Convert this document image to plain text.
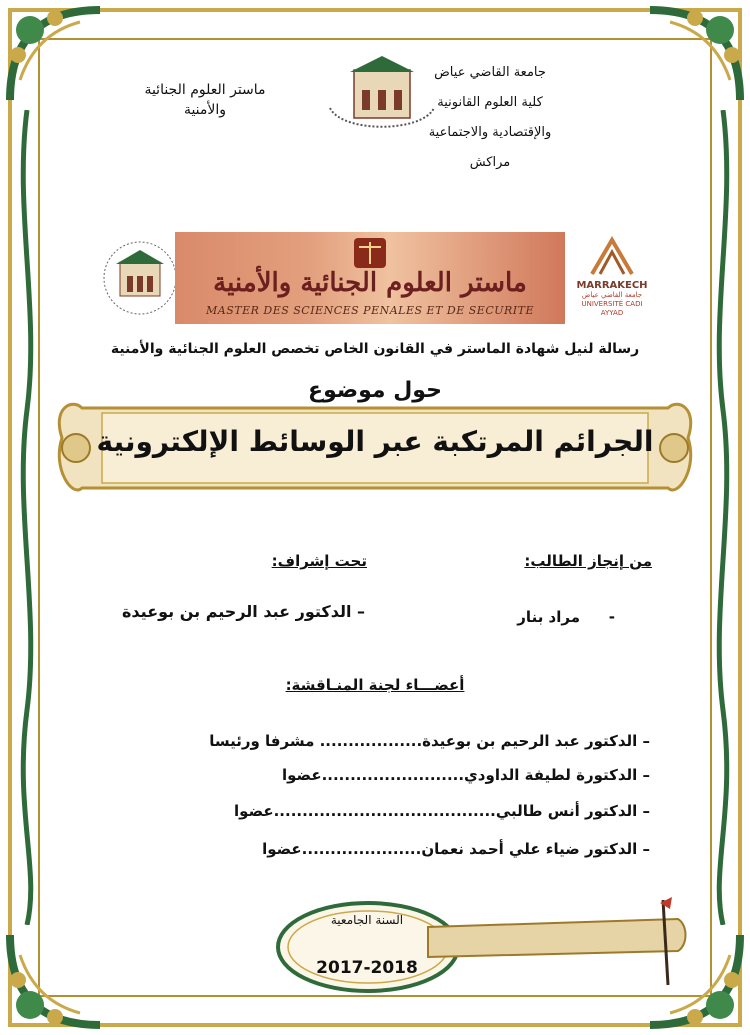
جامعة القاضي عياض
كلية العلوم القانونية
والإقتصادية والاجتماعية
مراكش
ماستر العلوم الجنائية
والأمنية
ماستر العلوم الجنائية والأمنية
MASTER DES SCIENCES PENALES ET DE SECURITE
MARRAKECH
جامعة القاضي عياض
UNIVERSITÉ CADI AYYAD
رسالة لنيل شهادة الماستر في القانون الخاص تخصص العلوم الجنائية والأمنية
حول موضوع
الجرائم المرتكبة عبر الوسائط الإلكترونية
من إنجاز الطالب:
تحت إشراف:
-
مراد بنار
– الدكتور عبد الرحيم بن بوعيدة
أعضـــاء لجنة المنـاقشة:
– الدكتور عبد الرحيم بن بوعيدة.................. مشرفا ورئيسا
– الدكتورة لطيفة الداودي.........................عضوا
– الدكتور أنس طالبي.......................................عضوا
– الدكتور ضياء علي أحمد نعمان.....................عضوا
السنة الجامعية
2017-2018
